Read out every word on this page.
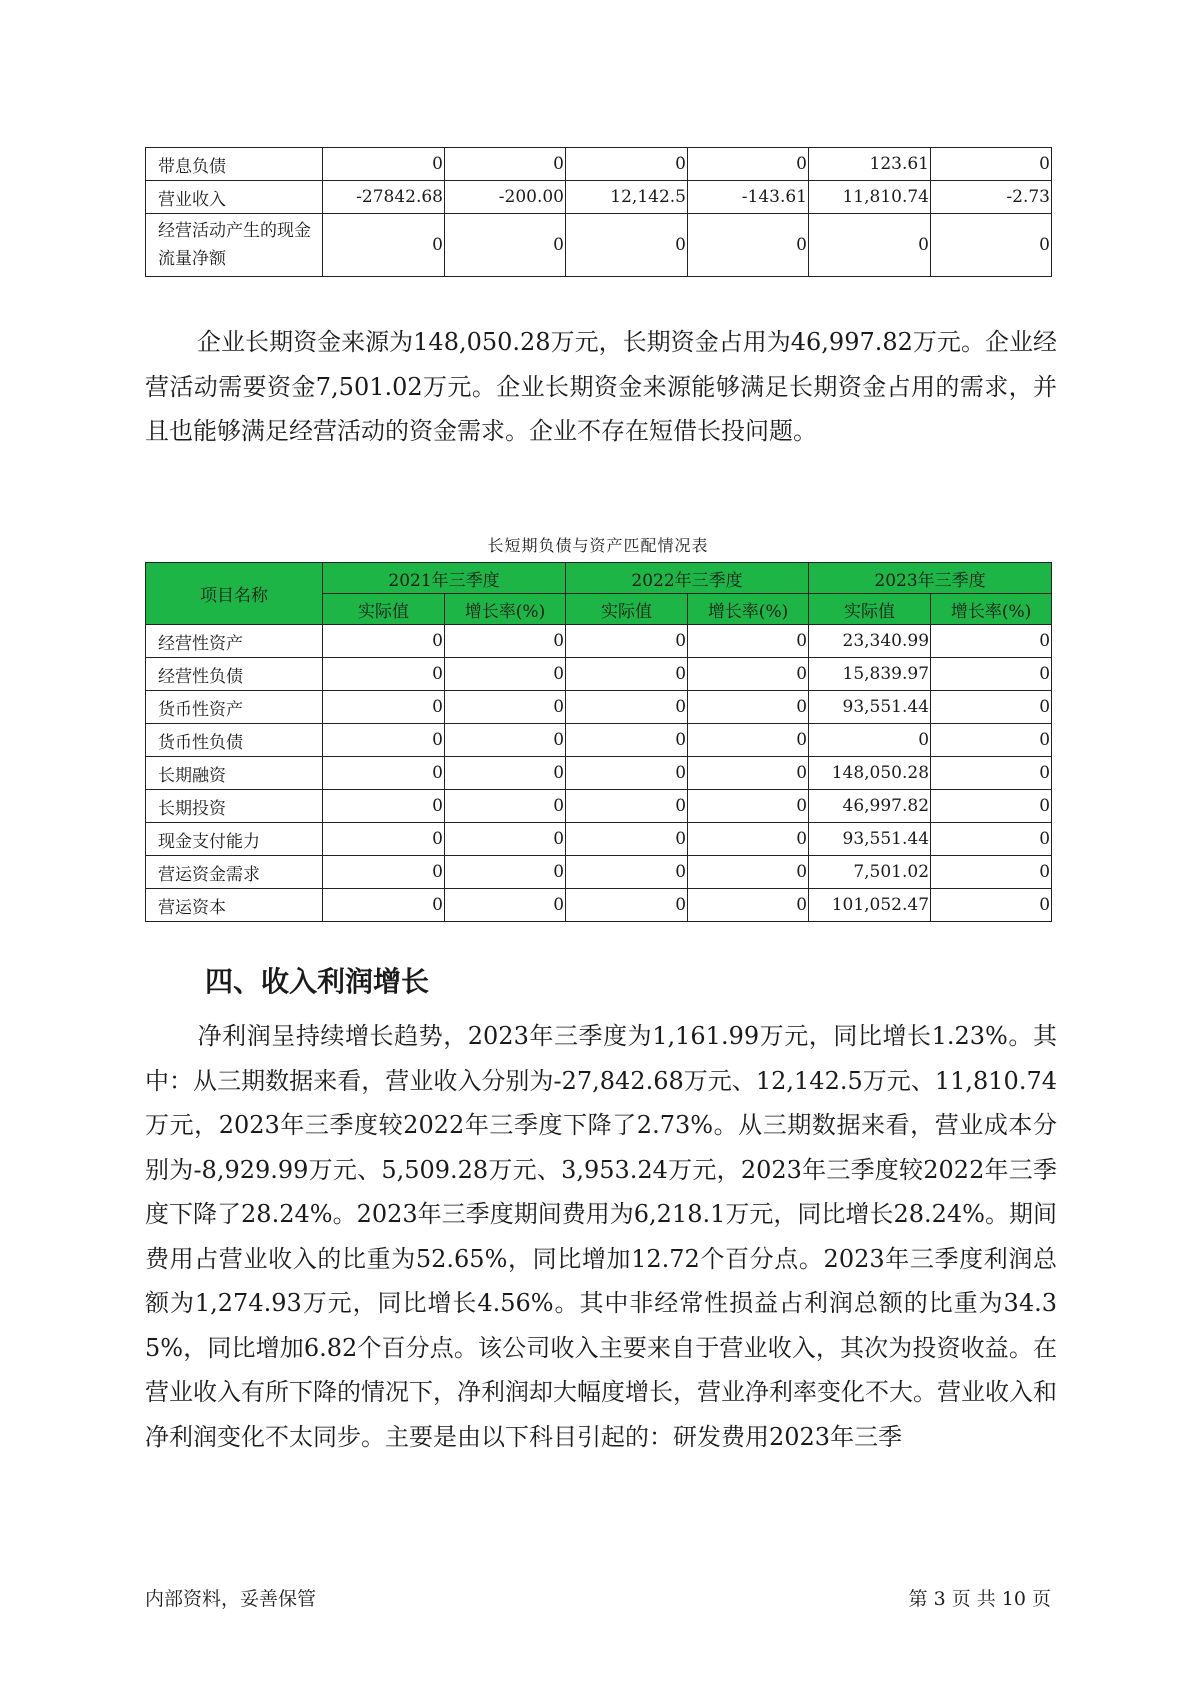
带息负债	0	0	0	0	123.61	0
营业收入	-27842.68	-200.00	12,142.5	-143.61	11,810.74	-2.73
经营活动产生的现金流量净额	0	0	0	0	0	0

企业长期资金来源为148,050.28万元，长期资金占用为46,997.82万元。企业经营活动需要资金7,501.02万元。企业长期资金来源能够满足长期资金占用的需求，并且也能够满足经营活动的资金需求。企业不存在短借长投问题。

长短期负债与资产匹配情况表
项目名称	2021年三季度		2022年三季度		2023年三季度	
	实际值	增长率(%)	实际值	增长率(%)	实际值	增长率(%)
经营性资产	0	0	0	0	23,340.99	0
经营性负债	0	0	0	0	15,839.97	0
货币性资产	0	0	0	0	93,551.44	0
货币性负债	0	0	0	0	0	0
长期融资	0	0	0	0	148,050.28	0
长期投资	0	0	0	0	46,997.82	0
现金支付能力	0	0	0	0	93,551.44	0
营运资金需求	0	0	0	0	7,501.02	0
营运资本	0	0	0	0	101,052.47	0
四、收入利润增长

净利润呈持续增长趋势，2023年三季度为1,161.99万元，同比增长1.23%。其中：从三期数据来看，营业收入分别为-27,842.68万元、12,142.5万元、11,810.74万元，2023年三季度较2022年三季度下降了2.73%。从三期数据来看，营业成本分别为-8,929.99万元、5,509.28万元、3,953.24万元，2023年三季度较2022年三季度下降了28.24%。2023年三季度期间费用为6,218.1万元，同比增长28.24%。期间费用占营业收入的比重为52.65%，同比增加12.72个百分点。2023年三季度利润总额为1,274.93万元，同比增长4.56%。其中非经常性损益占利润总额的比重为34.35%，同比增加6.82个百分点。该公司收入主要来自于营业收入，其次为投资收益。在营业收入有所下降的情况下，净利润却大幅度增长，营业净利率变化不大。营业收入和净利润变化不太同步。主要是由以下科目引起的：研发费用2023年三季

内部资料，妥善保管	第 3 页 共 10 页
